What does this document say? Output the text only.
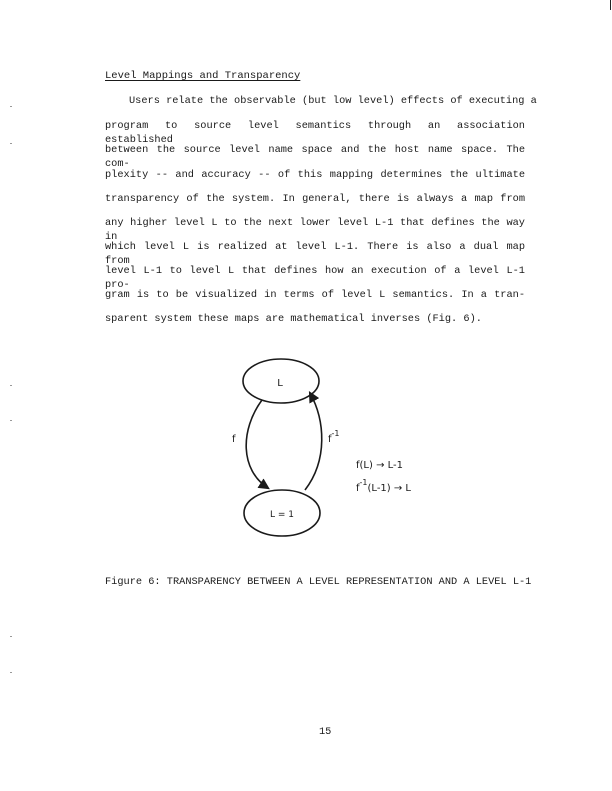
Level Mappings and Transparency
Users relate the observable (but low level) effects of executing a
program to source level semantics through an association established
between the source level name space and the host name space. The com-
plexity -- and accuracy -- of this mapping determines the ultimate
transparency of the system. In general, there is always a map from
any higher level L to the next lower level L-1 that defines the way in
which level L is realized at level L-1. There is also a dual map from
level L-1 to level L that defines how an execution of a level L-1 pro-
gram is to be visualized in terms of level L semantics. In a tran-
sparent system these maps are mathematical inverses (Fig. 6).
L
L = 1
f	$f^{-1}$
f(L) → L-1
$f^{-1}(L-1) \to L$
Figure 6: TRANSPARENCY BETWEEN A LEVEL REPRESENTATION AND A LEVEL L-1
15
